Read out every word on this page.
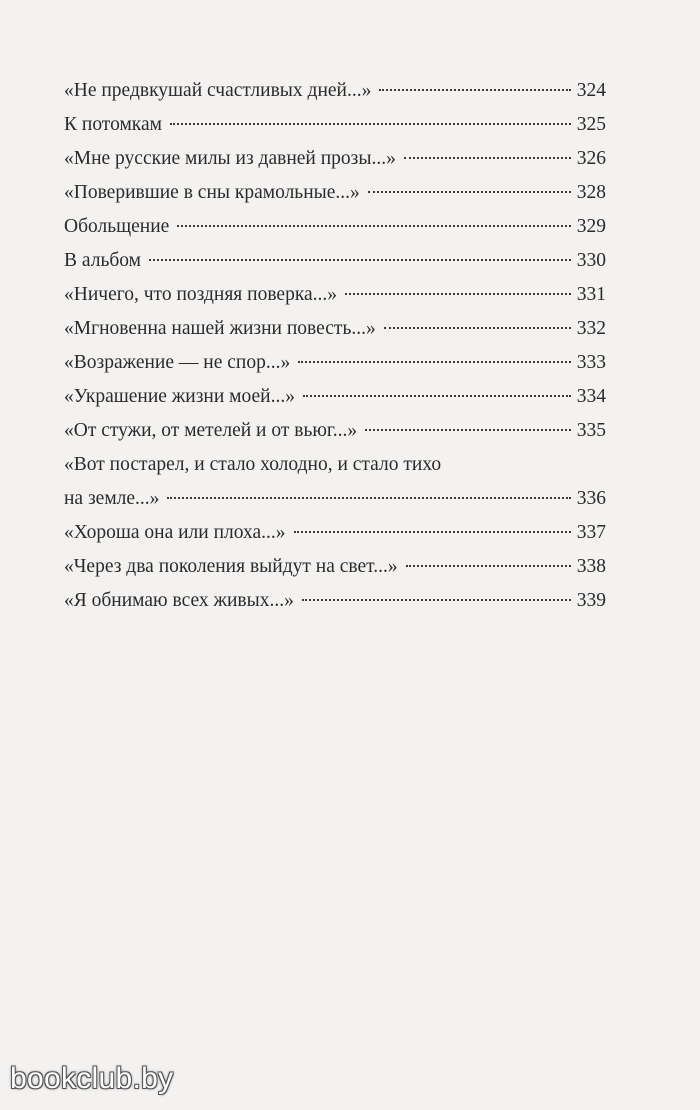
«Не предвкушай счастливых дней...»	324
К потомкам	325
«Мне русские милы из давней прозы...»	326
«Поверившие в сны крамольные...»	328
Обольщение	329
В альбом	330
«Ничего, что поздняя поверка...»	331
«Мгновенна нашей жизни повесть...»	332
«Возражение — не спор...»	333
«Украшение жизни моей...»	334
«От стужи, от метелей и от вьюг...»	335
«Вот постарел, и стало холодно, и стало тихо
на земле...»	336
«Хороша она или плоха...»	337
«Через два поколения выйдут на свет...»	338
«Я обнимаю всех живых...»	339
bookclub.by
